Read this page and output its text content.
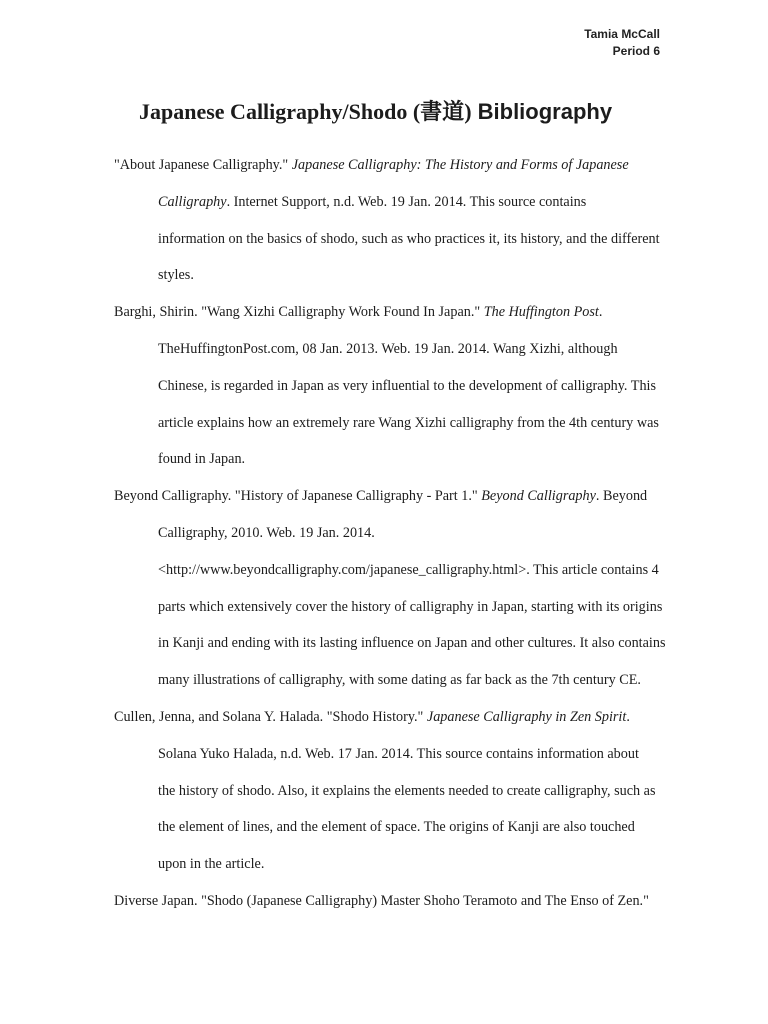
Tamia McCall
Period 6
Japanese Calligraphy/Shodo (書道) Bibliography
"About Japanese Calligraphy." Japanese Calligraphy: The History and Forms of Japanese
Calligraphy. Internet Support, n.d. Web. 19 Jan. 2014. This source contains
information on the basics of shodo, such as who practices it, its history, and the different
styles.
Barghi, Shirin. "Wang Xizhi Calligraphy Work Found In Japan." The Huffington Post.
TheHuffingtonPost.com, 08 Jan. 2013. Web. 19 Jan. 2014. Wang Xizhi, although
Chinese, is regarded in Japan as very influential to the development of calligraphy. This
article explains how an extremely rare Wang Xizhi calligraphy from the 4th century was
found in Japan.
Beyond Calligraphy. "History of Japanese Calligraphy - Part 1." Beyond Calligraphy. Beyond
Calligraphy, 2010. Web. 19 Jan. 2014.
<http://www.beyondcalligraphy.com/japanese_calligraphy.html>. This article contains 4
parts which extensively cover the history of calligraphy in Japan, starting with its origins
in Kanji and ending with its lasting influence on Japan and other cultures. It also contains
many illustrations of calligraphy, with some dating as far back as the 7th century CE.
Cullen, Jenna, and Solana Y. Halada. "Shodo History." Japanese Calligraphy in Zen Spirit.
Solana Yuko Halada, n.d. Web. 17 Jan. 2014. This source contains information about
the history of shodo. Also, it explains the elements needed to create calligraphy, such as
the element of lines, and the element of space. The origins of Kanji are also touched
upon in the article.
Diverse Japan. "Shodo (Japanese Calligraphy) Master Shoho Teramoto and The Enso of Zen."
